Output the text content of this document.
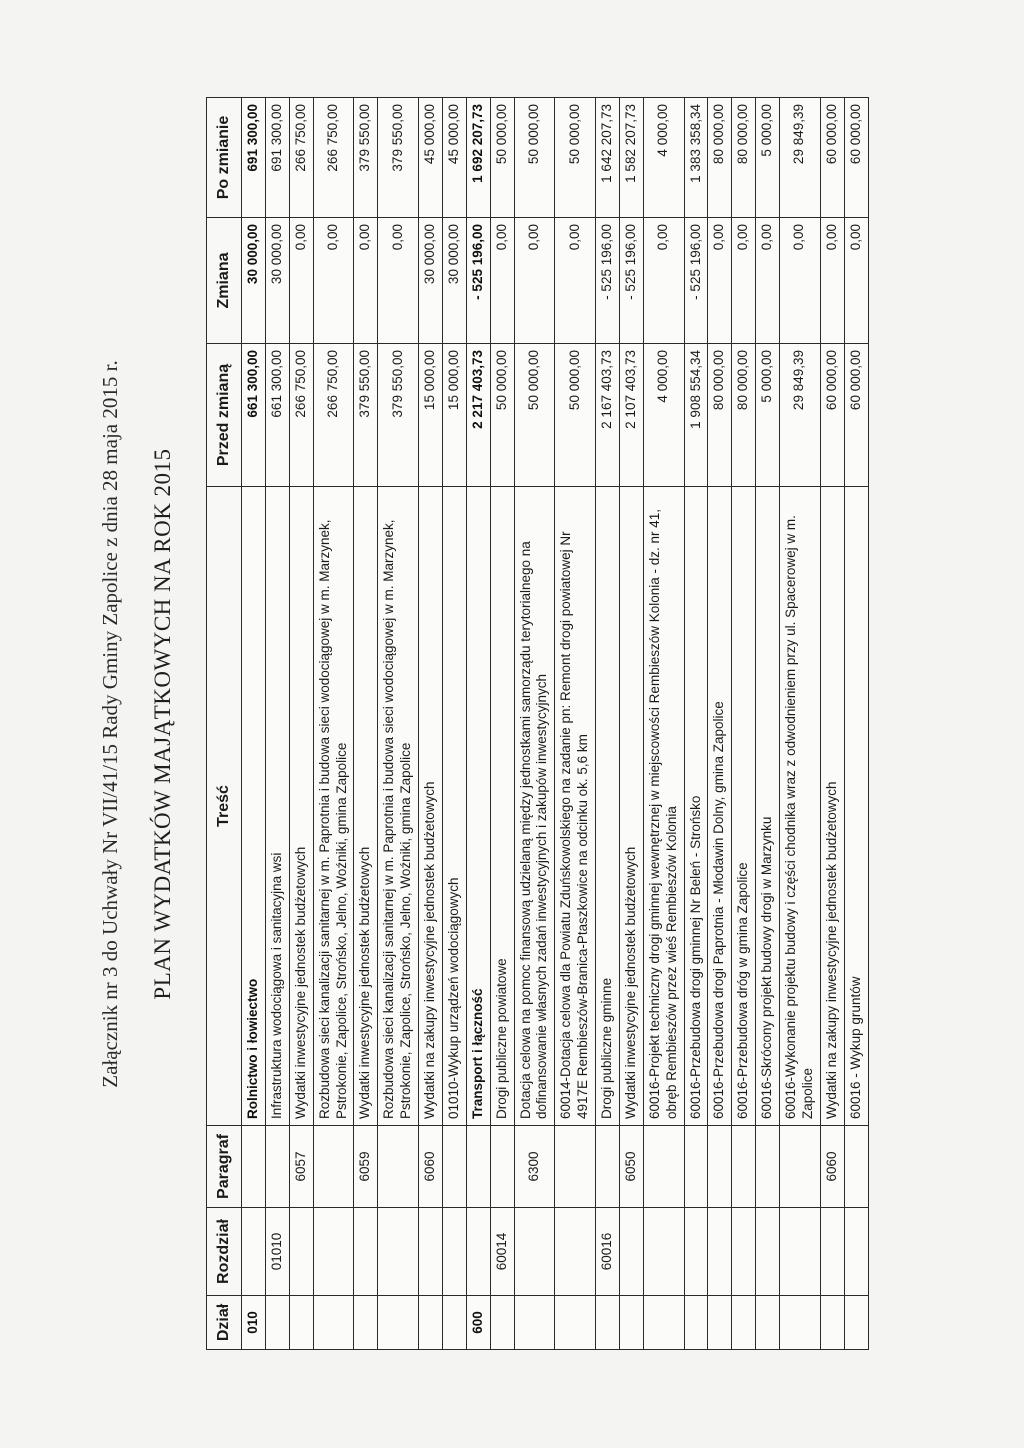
Załącznik nr 3 do Uchwały Nr VII/41/15 Rady Gminy Zapolice z dnia 28 maja 2015 r. PLAN WYDATKÓW MAJĄTKOWYCH NA ROK 2015
Dział	Rozdział	Paragraf	Treść	Przed zmianą	Zmiana	Po zmianie
010			Rolnictwo i łowiectwo	661 300,00	30 000,00	691 300,00
	01010		Infrastruktura wodociągowa i sanitacyjna wsi	661 300,00	30 000,00	691 300,00
		6057	Wydatki inwestycyjne jednostek budżetowych	266 750,00	0,00	266 750,00
			Rozbudowa sieci kanalizacji sanitarnej w m. Paprotnia i budowa sieci wodociągowej w m. Marzynek, Pstrokonie, Zapolice, Strońsko, Jelno, Woźniki, gmina Zapolice	266 750,00	0,00	266 750,00
		6059	Wydatki inwestycyjne jednostek budżetowych	379 550,00	0,00	379 550,00
			Rozbudowa sieci kanalizacji sanitarnej w m. Paprotnia i budowa sieci wodociągowej w m. Marzynek, Pstrokonie, Zapolice, Strońsko, Jelno, Woźniki, gmina Zapolice	379 550,00	0,00	379 550,00
		6060	Wydatki na zakupy inwestycyjne jednostek budżetowych	15 000,00	30 000,00	45 000,00
			01010-Wykup urządzeń wodociągowych	15 000,00	30 000,00	45 000,00
600			Transport i łączność	2 217 403,73	- 525 196,00	1 692 207,73
	60014		Drogi publiczne powiatowe	50 000,00	0,00	50 000,00
		6300	Dotacja celowa na pomoc finansową udzielaną między jednostkami samorządu terytorialnego na dofinansowanie własnych zadań inwestycyjnych i zakupów inwestycyjnych	50 000,00	0,00	50 000,00
			60014-Dotacja celowa dla Powiatu Zduńskowolskiego na zadanie pn: Remont drogi powiatowej Nr 4917E Rembieszów-Branica-Ptaszkowice na odcinku ok. 5,6 km	50 000,00	0,00	50 000,00
	60016		Drogi publiczne gminne	2 167 403,73	- 525 196,00	1 642 207,73
		6050	Wydatki inwestycyjne jednostek budżetowych	2 107 403,73	- 525 196,00	1 582 207,73
			60016-Projekt techniczny drogi gminnej wewnętrznej w miejscowości Rembieszów Kolonia - dz. nr 41, obręb Rembieszów przez wieś Rembieszów Kolonia	4 000,00	0,00	4 000,00
			60016-Przebudowa drogi gminnej Nr Beleń - Strońsko	1 908 554,34	- 525 196,00	1 383 358,34
			60016-Przebudowa drogi Paprotnia - Młodawin Dolny, gmina Zapolice	80 000,00	0,00	80 000,00
			60016-Przebudowa dróg w gmina Zapolice	80 000,00	0,00	80 000,00
			60016-Skrócony projekt budowy drogi w Marzynku	5 000,00	0,00	5 000,00
			60016-Wykonanie projektu budowy i części chodnika wraz z odwodnieniem przy ul. Spacerowej w m. Zapolice	29 849,39	0,00	29 849,39
		6060	Wydatki na zakupy inwestycyjne jednostek budżetowych	60 000,00	0,00	60 000,00
			60016 - Wykup gruntów	60 000,00	0,00	60 000,00
